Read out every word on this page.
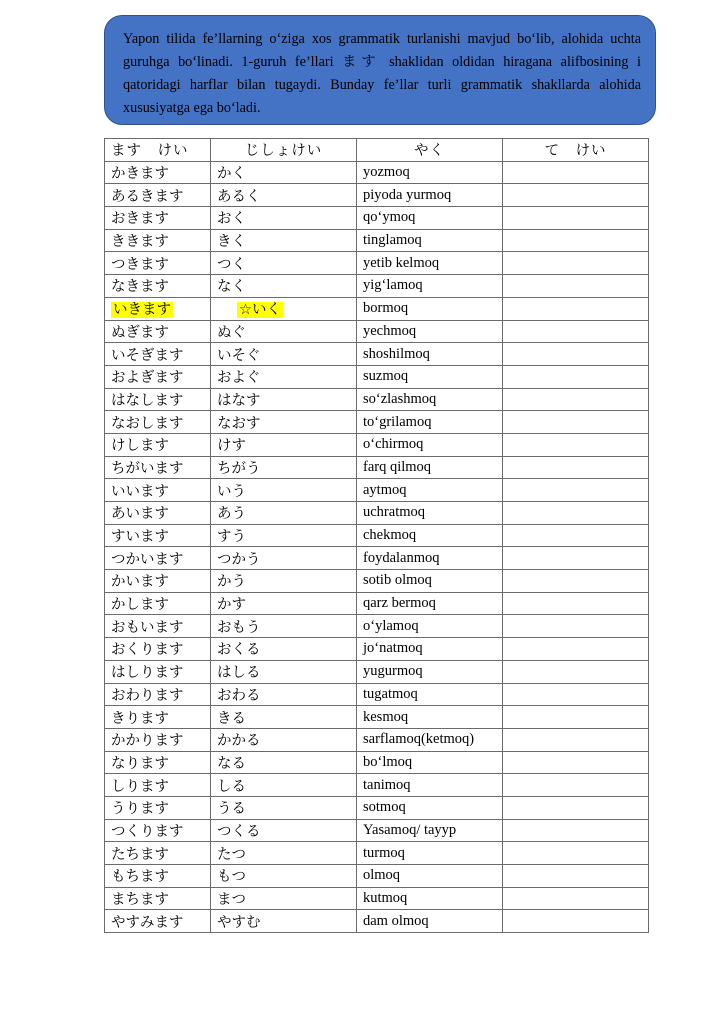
Yapon tilida fe’llarning o‘ziga xos grammatik turlanishi mavjud bo‘lib, alohida uchta guruhga bo‘linadi. 1-guruh fe’llari ます shaklidan oldidan hiragana alifbosining i qatoridagi harflar bilan tugaydi. Bunday fe’llar turli grammatik shakllarda alohida xususiyatga ega bo‘ladi.

ます　けい	じしょけい	やく	て　けい
かきます	かく	yozmoq	
あるきます	あるく	piyoda yurmoq	
おきます	おく	qo‘ymoq	
ききます	きく	tinglamoq	
つきます	つく	yetib kelmoq	
なきます	なく	yig‘lamoq	
いきます	☆いく	bormoq	
ぬぎます	ぬぐ	yechmoq	
いそぎます	いそぐ	shoshilmoq	
およぎます	およぐ	suzmoq	
はなします	はなす	so‘zlashmoq	
なおします	なおす	to‘grilamoq	
けします	けす	o‘chirmoq	
ちがいます	ちがう	farq qilmoq	
いいます	いう	aytmoq	
あいます	あう	uchratmoq	
すいます	すう	chekmoq	
つかいます	つかう	foydalanmoq	
かいます	かう	sotib olmoq	
かします	かす	qarz bermoq	
おもいます	おもう	o‘ylamoq	
おくります	おくる	jo‘natmoq	
はしります	はしる	yugurmoq	
おわります	おわる	tugatmoq	
きります	きる	kesmoq	
かかります	かかる	sarflamoq(ketmoq)	
なります	なる	bo‘lmoq	
しります	しる	tanimoq	
うります	うる	sotmoq	
つくります	つくる	Yasamoq/ tayyp	
たちます	たつ	turmoq	
もちます	もつ	olmoq	
まちます	まつ	kutmoq	
やすみます	やすむ	dam olmoq	
